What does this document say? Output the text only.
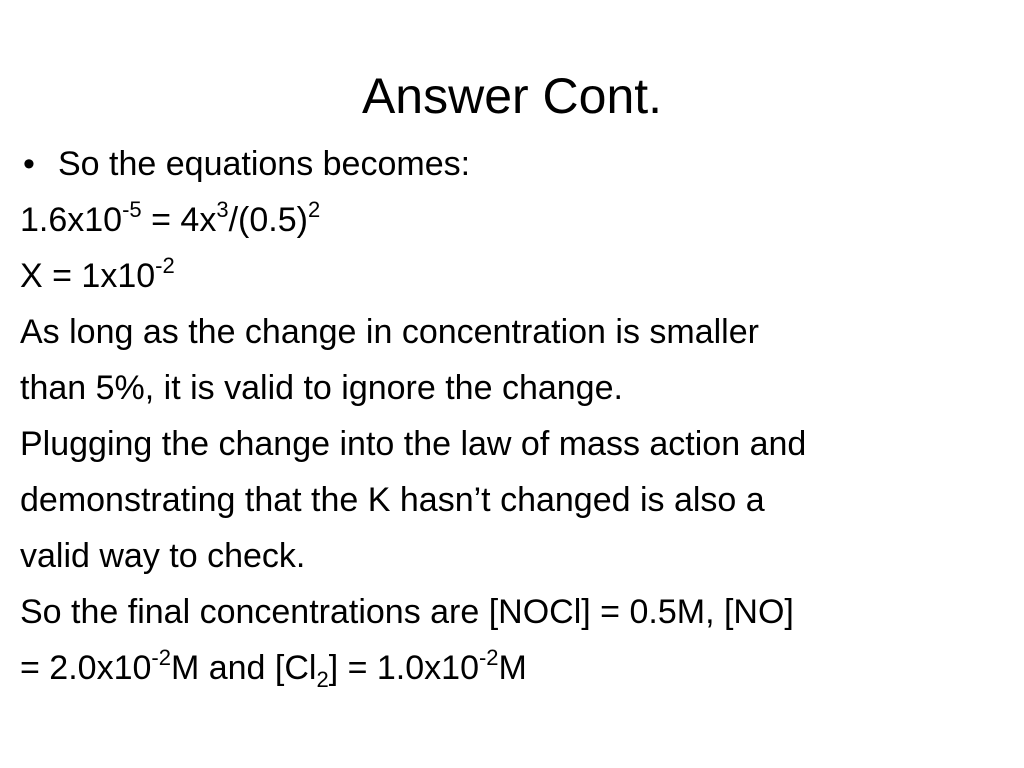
Answer Cont.

• So the equations becomes:

$1.6x10^{-5} = 4x^3/(0.5)^2$

$X = 1x10^{-2}$

As long as the change in concentration is smaller

than 5%, it is valid to ignore the change.

Plugging the change into the law of mass action and

demonstrating that the K hasn’t changed is also a

valid way to check.

So the final concentrations are [NOCl] = 0.5M, [NO]

= $2.0x10^{-2}M$ and $[Cl_2] = 1.0x10^{-2}M$
